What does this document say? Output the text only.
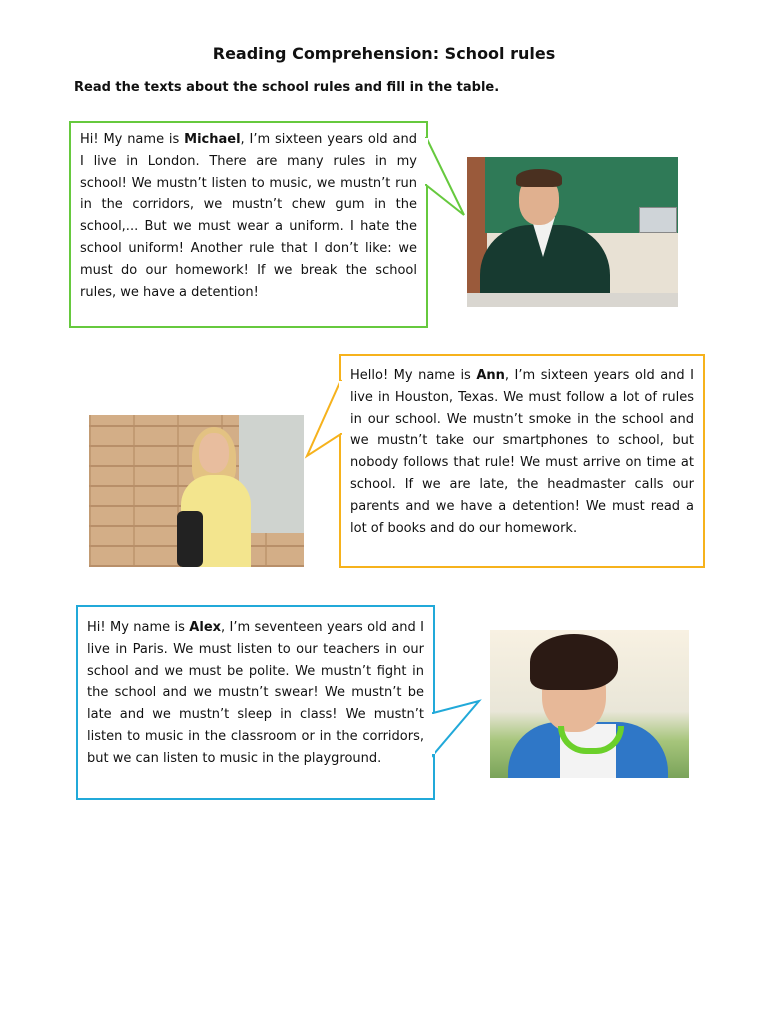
Reading Comprehension: School rules
Read the texts about the school rules and fill in the table.

Hi! My name is Michael, I’m sixteen years old and I live in London. There are many rules in my school! We mustn’t listen to music, we mustn’t run in the corridors, we mustn’t chew gum in the school,... But we must wear a uniform. I hate the school uniform! Another rule that I don’t like: we must do our homework! If we break the school rules, we have a detention!

Hello! My name is Ann, I’m sixteen years old and I live in Houston, Texas. We must follow a lot of rules in our school. We mustn’t smoke in the school and we mustn’t take our smartphones to school, but nobody follows that rule! We must arrive on time at school. If we are late, the headmaster calls our parents and we have a detention! We must read a lot of books and do our homework.

Hi! My name is Alex, I’m seventeen years old and I live in Paris. We must listen to our teachers in our school and we must be polite. We mustn’t fight in the school and we mustn’t swear! We mustn’t be late and we mustn’t sleep in class! We mustn’t listen to music in the classroom or in the corridors, but we can listen to music in the playground.
